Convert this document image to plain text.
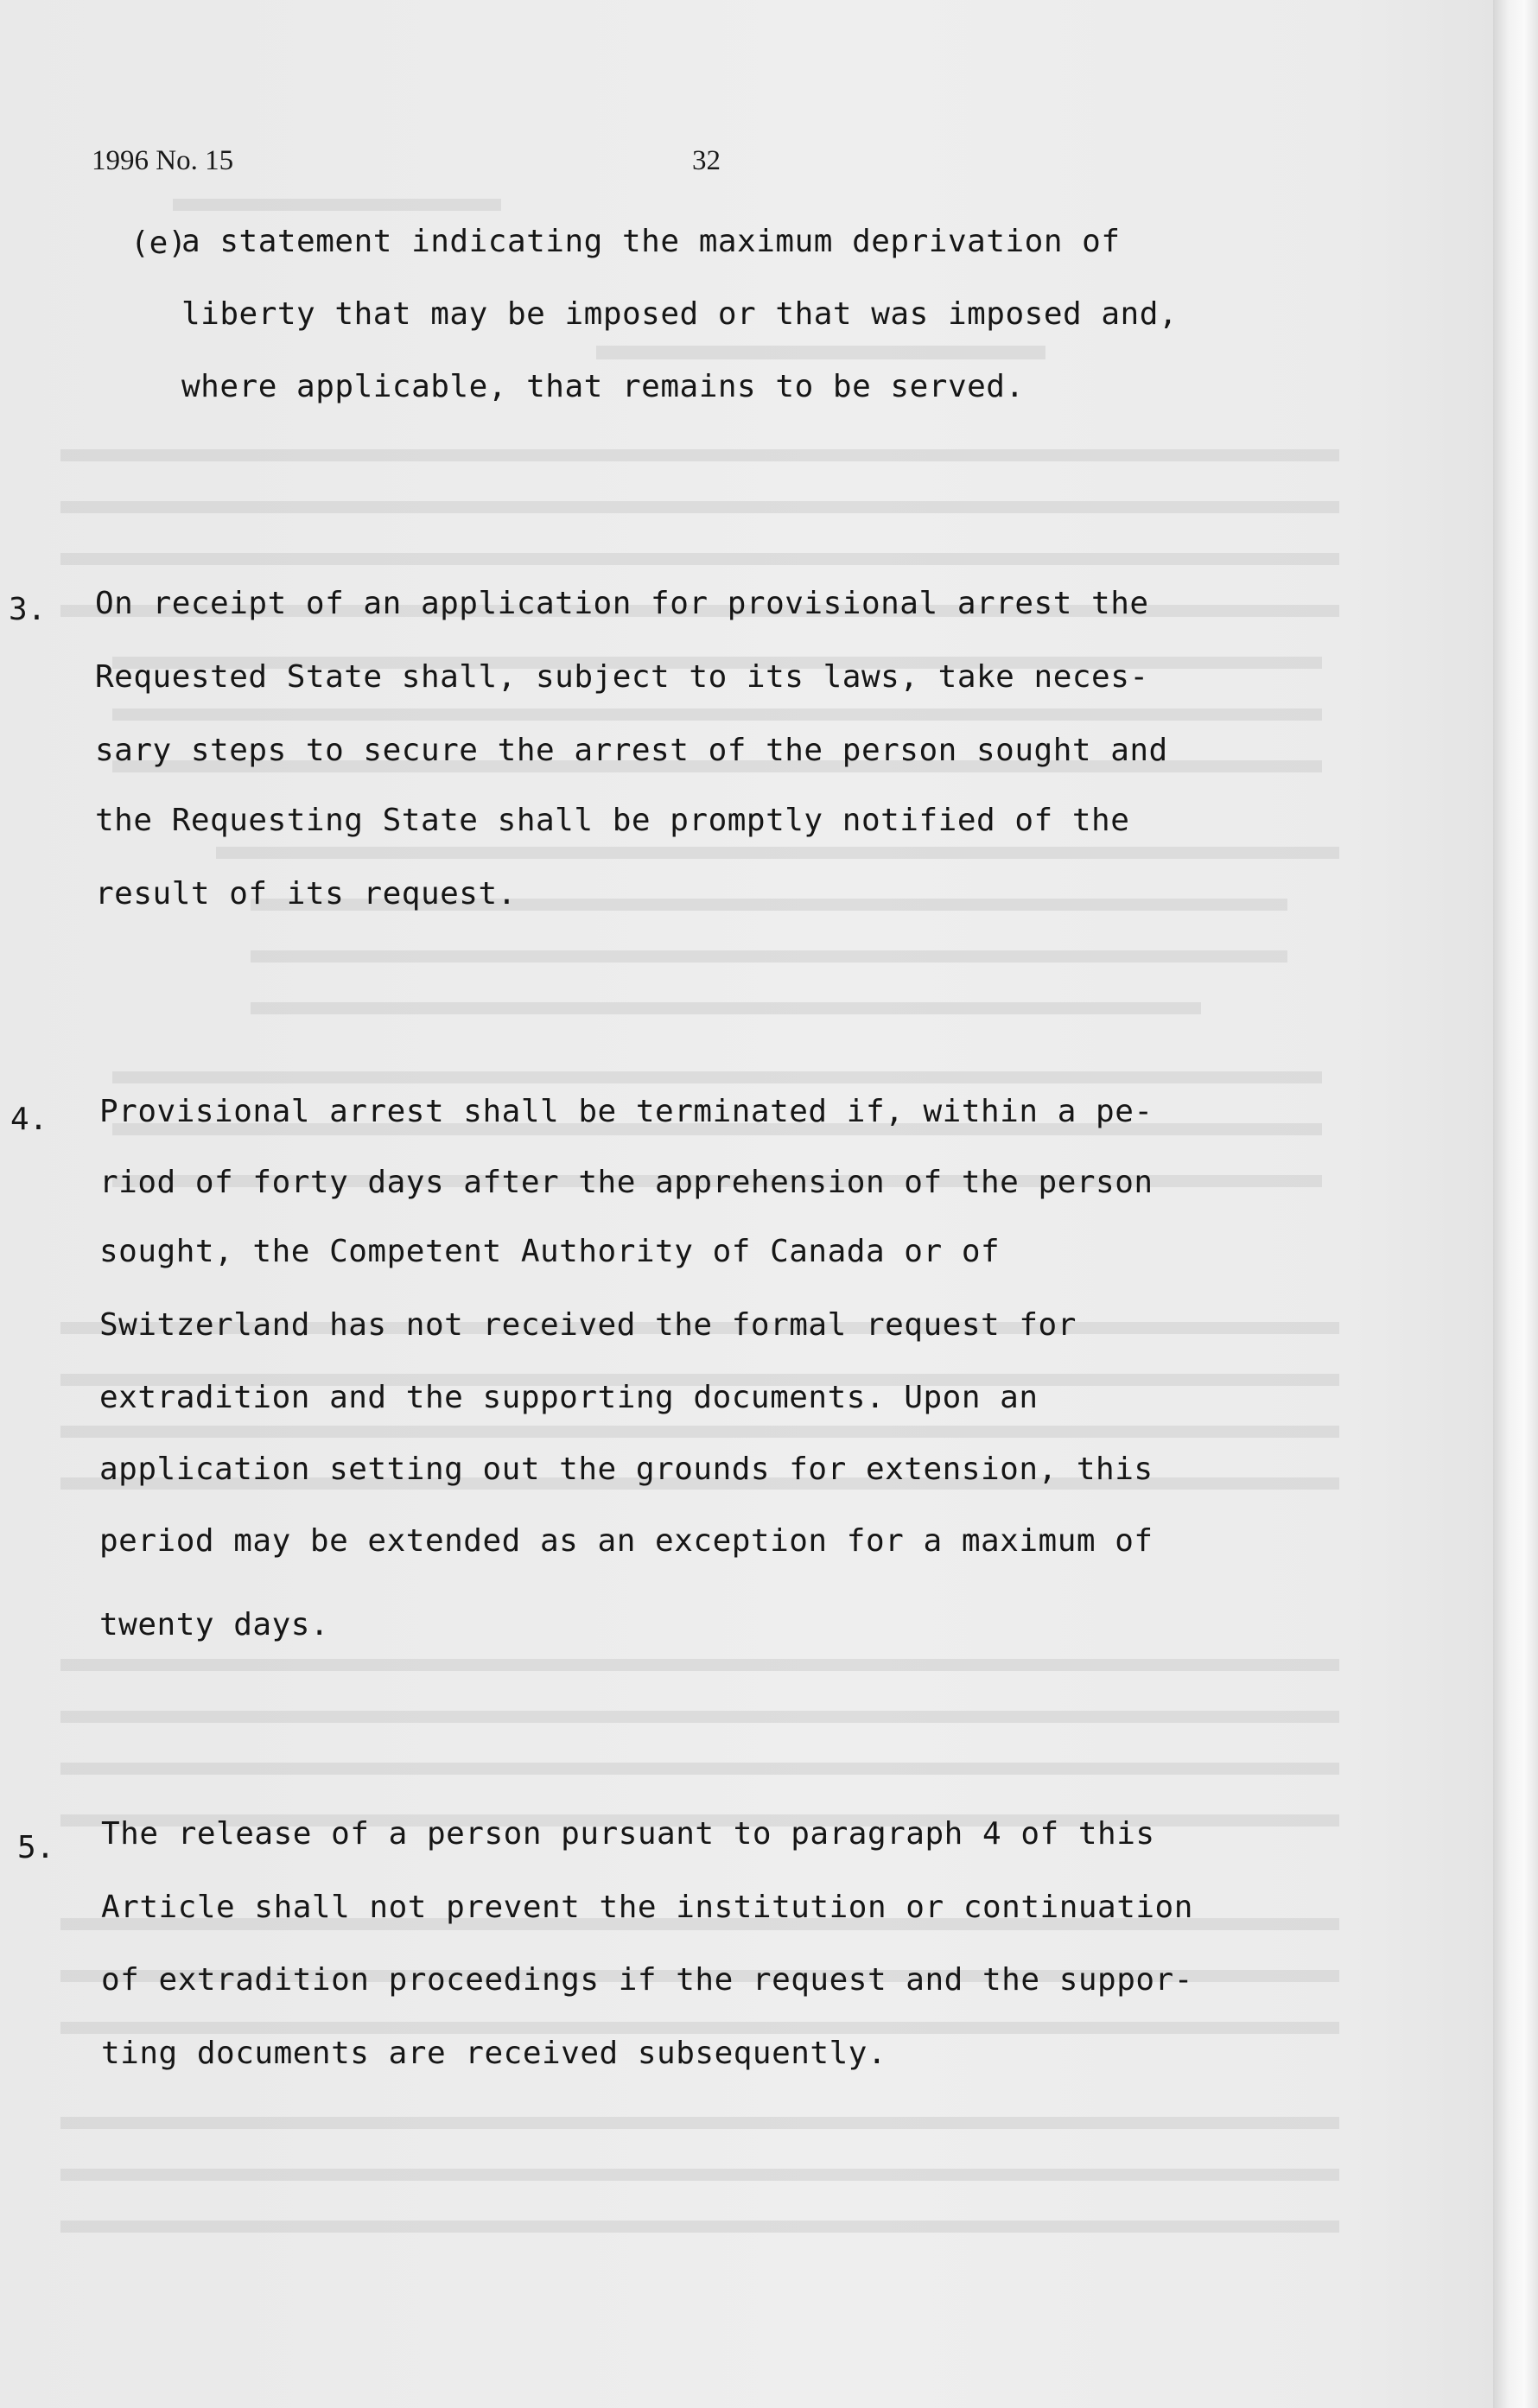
1996 No. 15	32
(e)
a statement indicating the maximum deprivation of
liberty that may be imposed or that was imposed and,
where applicable, that remains to be served.
3. On receipt of an application for provisional arrest the
Requested State shall, subject to its laws, take neces-
sary steps to secure the arrest of the person sought and
the Requesting State shall be promptly notified of the
result of its request.
4. Provisional arrest shall be terminated if, within a pe-
riod of forty days after the apprehension of the person
sought, the Competent Authority of Canada or of
Switzerland has not received the formal request for
extradition and the supporting documents. Upon an
application setting out the grounds for extension, this
period may be extended as an exception for a maximum of
twenty days.
5. The release of a person pursuant to paragraph 4 of this
Article shall not prevent the institution or continuation
of extradition proceedings if the request and the suppor-
ting documents are received subsequently.
